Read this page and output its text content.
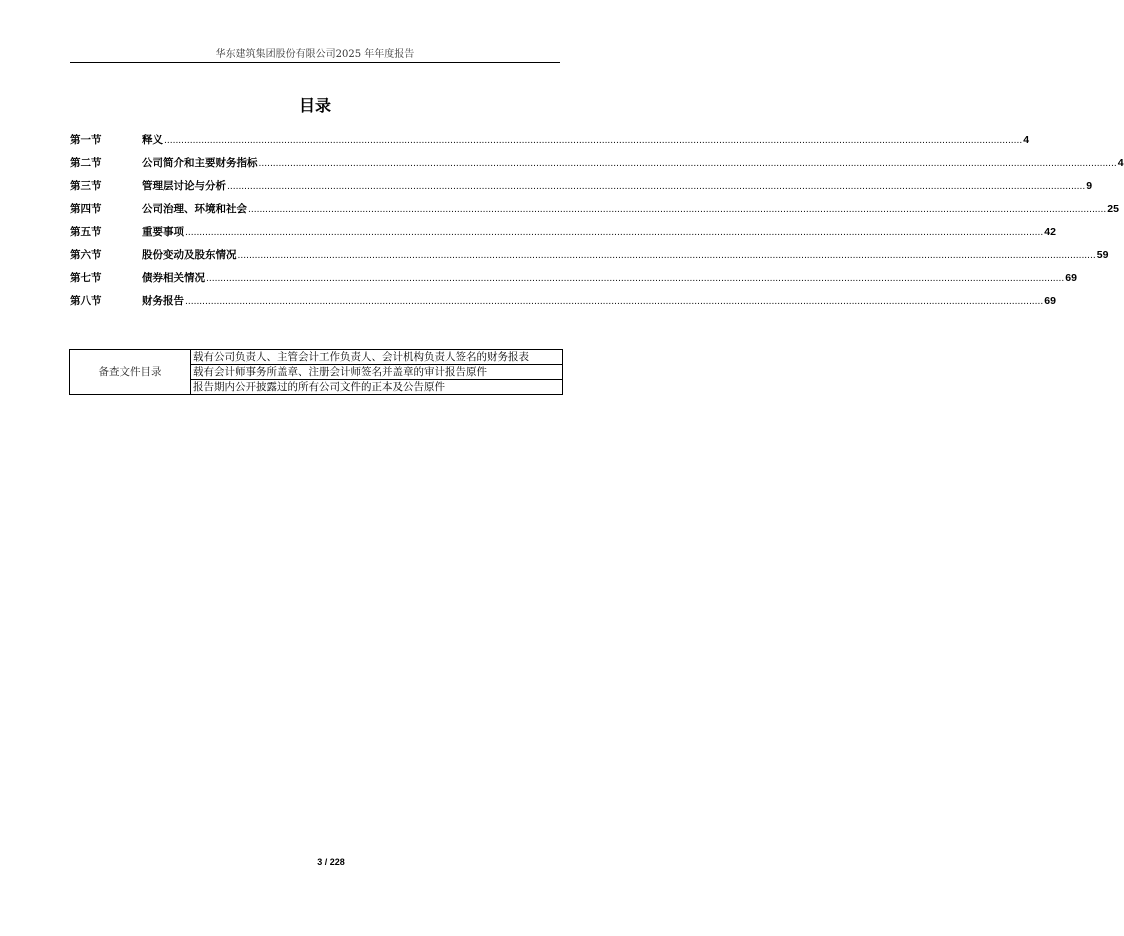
华东建筑集团股份有限公司2025 年年度报告
目录
第一节	释义 ............................................................................................................................................................................................................................................................................................................ 4
第二节	公司简介和主要财务指标 ............................................................................................................................................................................................................................................................................................................ 4
第三节	管理层讨论与分析 ............................................................................................................................................................................................................................................................................................................ 9
第四节	公司治理、环境和社会 ............................................................................................................................................................................................................................................................................................................ 25
第五节	重要事项 ............................................................................................................................................................................................................................................................................................................ 42
第六节	股份变动及股东情况 ............................................................................................................................................................................................................................................................................................................ 59
第七节	债券相关情况 ............................................................................................................................................................................................................................................................................................................ 69
第八节	财务报告 ............................................................................................................................................................................................................................................................................................................ 69
备查文件目录	载有公司负责人、主管会计工作负责人、会计机构负责人签名的财务报表
载有会计师事务所盖章、注册会计师签名并盖章的审计报告原件
报告期内公开披露过的所有公司文件的正本及公告原件
3 / 228
